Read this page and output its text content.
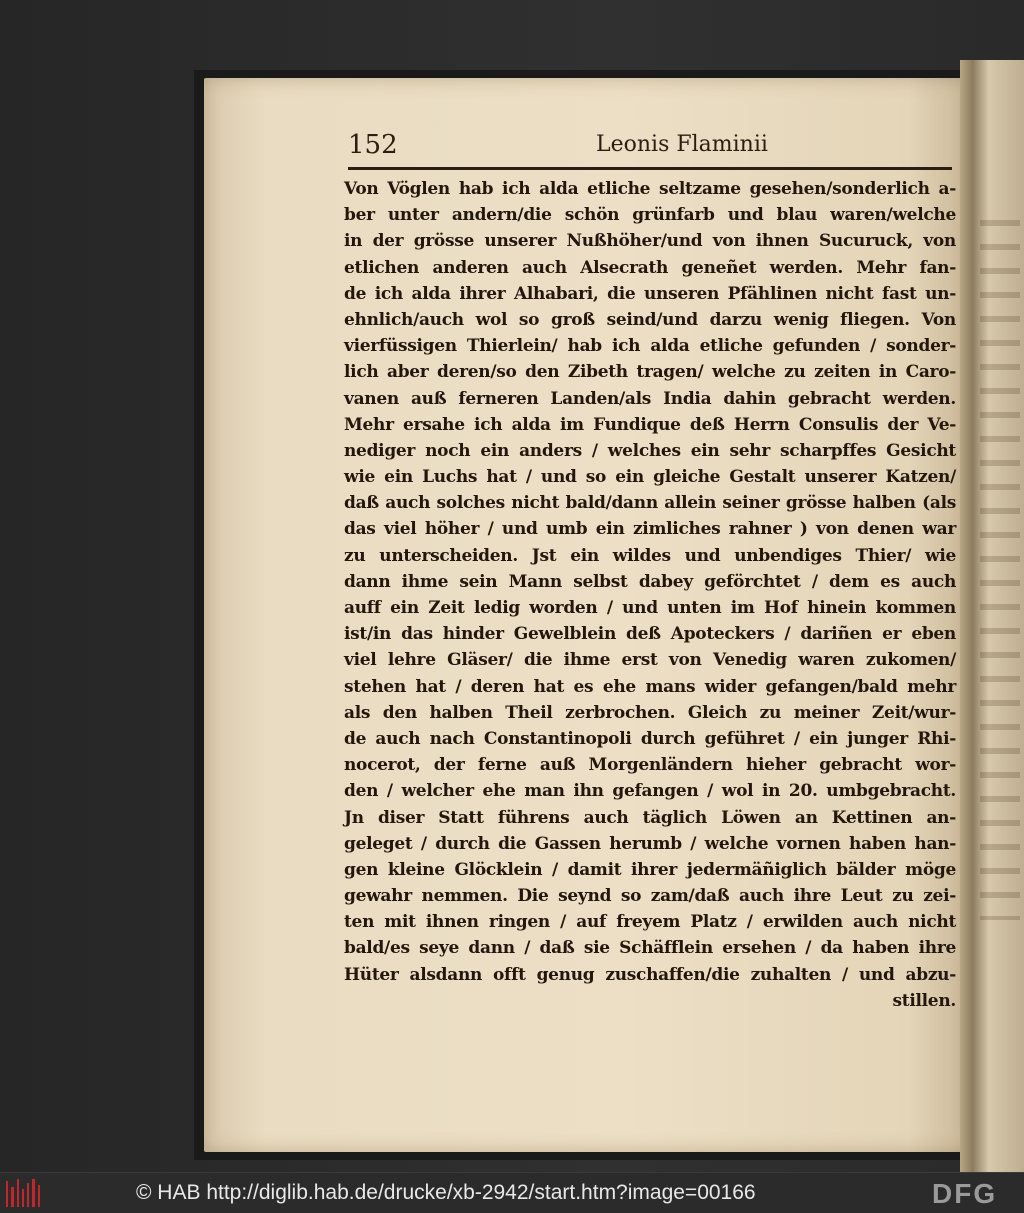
152	Leonis Flaminii
Von Vöglen hab ich alda etliche seltzame gesehen/sonderlich a-
ber unter andern/die schön grünfarb und blau waren/welche
in der grösse unserer Nußhöher/und von ihnen Sucuruck, von
etlichen anderen auch Alsecrath geneñet werden. Mehr fan-
de ich alda ihrer Alhabari, die unseren Pfählinen nicht fast un-
ehnlich/auch wol so groß seind/und darzu wenig fliegen. Von
vierfüssigen Thierlein/ hab ich alda etliche gefunden / sonder-
lich aber deren/so den Zibeth tragen/ welche zu zeiten in Caro-
vanen auß ferneren Landen/als India dahin gebracht werden.
Mehr ersahe ich alda im Fundique deß Herrn Consulis der Ve-
nediger noch ein anders / welches ein sehr scharpffes Gesicht
wie ein Luchs hat / und so ein gleiche Gestalt unserer Katzen/
daß auch solches nicht bald/dann allein seiner grösse halben (als
das viel höher / und umb ein zimliches rahner ) von denen war
zu unterscheiden. Jst ein wildes und unbendiges Thier/ wie
dann ihme sein Mann selbst dabey geförchtet / dem es auch
auff ein Zeit ledig worden / und unten im Hof hinein kommen
ist/in das hinder Gewelblein deß Apoteckers / dariñen er eben
viel lehre Gläser/ die ihme erst von Venedig waren zukomen/
stehen hat / deren hat es ehe mans wider gefangen/bald mehr
als den halben Theil zerbrochen. Gleich zu meiner Zeit/wur-
de auch nach Constantinopoli durch geführet / ein junger Rhi-
nocerot, der ferne auß Morgenländern hieher gebracht wor-
den / welcher ehe man ihn gefangen / wol in 20. umbgebracht.
Jn diser Statt führens auch täglich Löwen an Kettinen an-
geleget / durch die Gassen herumb / welche vornen haben han-
gen kleine Glöcklein / damit ihrer jedermäñiglich bälder möge
gewahr nemmen. Die seynd so zam/daß auch ihre Leut zu zei-
ten mit ihnen ringen / auf freyem Platz / erwilden auch nicht
bald/es seye dann / daß sie Schäfflein ersehen / da haben ihre
Hüter alsdann offt genug zuschaffen/die zuhalten / und abzu-
stillen.
© HAB http://diglib.hab.de/drucke/xb-2942/start.htm?image=00166	DFG
